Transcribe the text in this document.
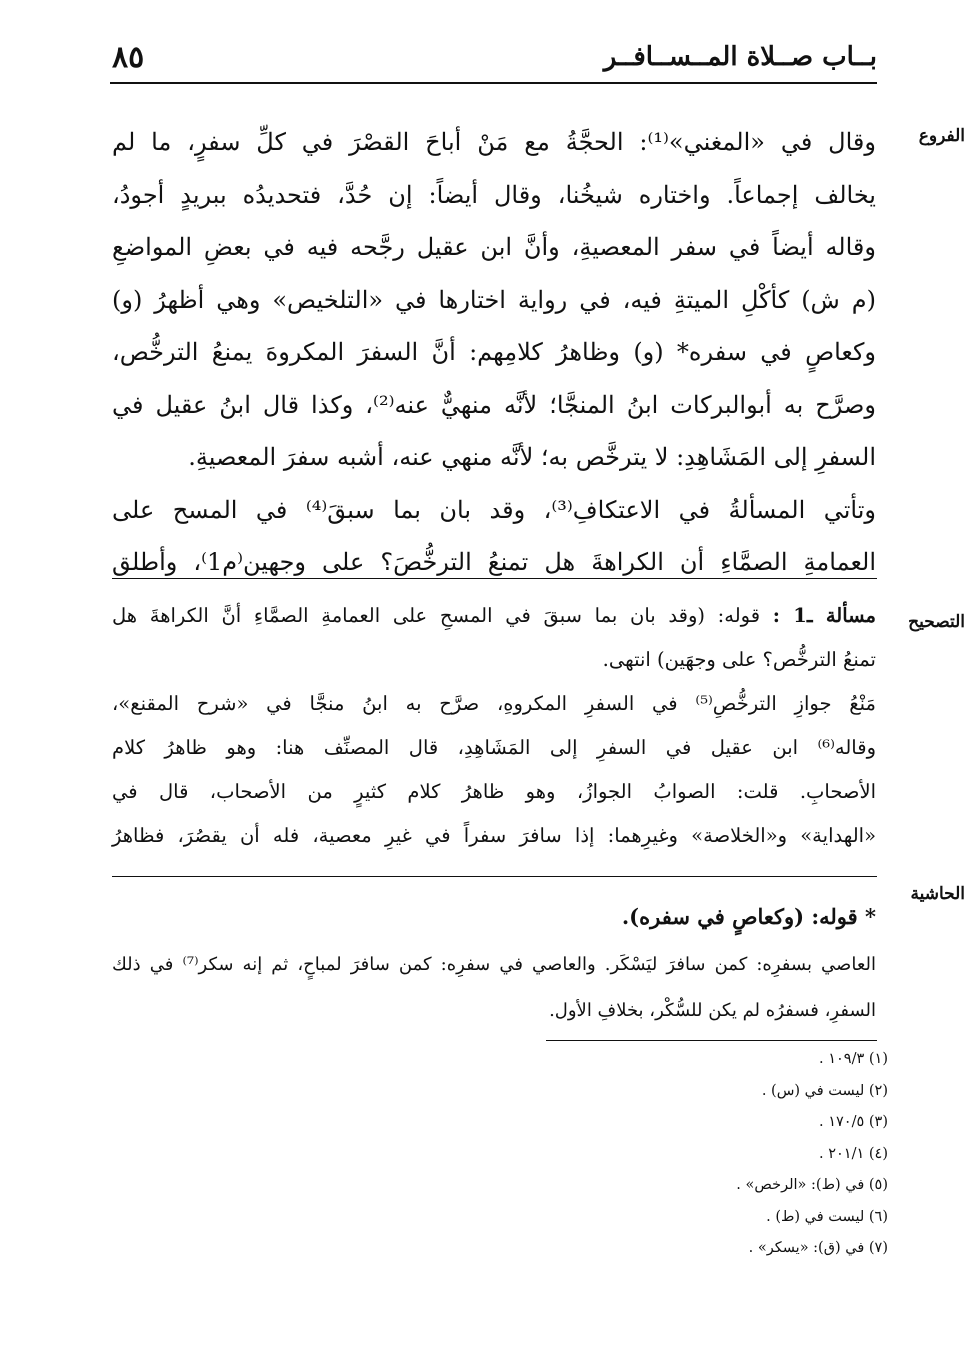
٨٥	بــاب صــلاة المــســافــر
الفروع
التصحيح
الحاشية
وقال في «المغني»⁽¹⁾: الحجَّةُ مع مَنْ أباحَ القصْرَ في كلِّ سفرٍ، ما لم
يخالف إجماعاً. واختاره شيخُنا، وقال أيضاً: إن حُدَّ، فتحديدُه ببريدٍ أجودُ،
وقاله أيضاً في سفر المعصيةِ، وأنَّ ابن عقيل رجَّحه فيه في بعضِ المواضعِ
(م ش) كأكْلِ الميتةِ فيه، في رواية اختارها في «التلخيص» وهي أظهرُ (و)
وكعاصٍ في سفره* (و) وظاهرُ كلامِهم: أنَّ السفرَ المكروهَ يمنعُ الترخُّص،
وصرَّح به أبوالبركات ابنُ المنجَّا؛ لأنَّه منهيٌّ عنه⁽²⁾، وكذا قال ابنُ عقيل في
السفرِ إلى المَشَاهِدِ: لا يترخَّص به؛ لأنَّه منهي عنه، أشبه سفرَ المعصيةِ.
وتأتي المسألةُ في الاعتكافِ⁽³⁾، وقد بان بما سبقَ⁽⁴⁾ في المسح على
العمامةِ الصمَّاءِ أن الكراهةَ هل تمنعُ الترخُّصَ؟ على وجهين⁽م1⁾، وأطلق
مسألة ـ1 : قوله: (وقد بان بما سبقَ في المسحِ على العمامةِ الصمَّاءِ أنَّ الكراهةَ هل
تمنعُ الترخُّص؟ على وجهَين) انتهى.
مَنْعُ جوازِ الترخُّصِ⁽⁵⁾ في السفرِ المكروهِ، صرَّح به ابنُ منجَّا في «شرح المقنع»،
وقاله⁽⁶⁾ ابن عقيل في السفرِ إلى المَشَاهِدِ، قال المصنِّف هنا: وهو ظاهرُ كلام
الأصحابِ. قلت: الصوابُ الجوازُ، وهو ظاهرُ كلام كثيرٍ من الأصحاب، قال في
«الهداية» و«الخلاصة» وغيرِهما: إذا سافرَ سفراً في غيرِ معصية، فله أن يقصُرَ، فظاهرُ
* قوله: (وكعاصٍ في سفره).
العاصي بسفرِه: كمن سافرَ ليَسْكَر. والعاصي في سفرِه: كمن سافرَ لمباحٍ، ثم إنه سكر⁽⁷⁾ في ذلك
السفرِ، فسفرُه لم يكن للسُّكْر، بخلافِ الأول.
(١) ١٠٩/٣ .
(٢) ليست في (س) .
(٣) ١٧٠/٥ .
(٤) ٢٠١/١ .
(٥) في (ط): «الرخص» .
(٦) ليست في (ط) .
(٧) في (ق): «يسكر» .
